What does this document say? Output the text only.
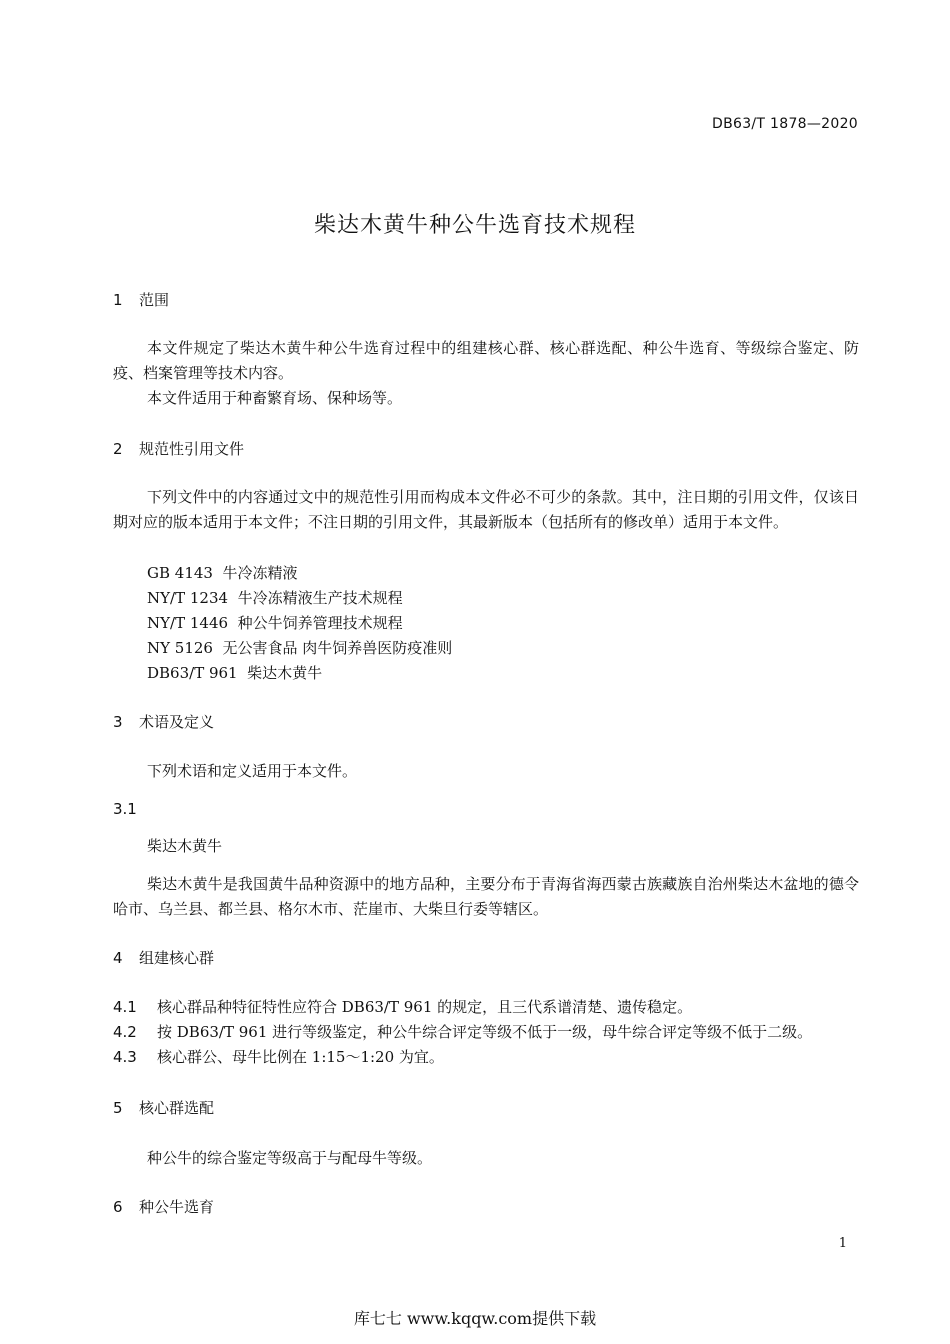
DB63/T 1878—2020
柴达木黄牛种公牛选育技术规程
1 范围
本文件规定了柴达木黄牛种公牛选育过程中的组建核心群、核心群选配、种公牛选育、等级综合鉴定、防疫、档案管理等技术内容。
本文件适用于种畜繁育场、保种场等。
2 规范性引用文件
下列文件中的内容通过文中的规范性引用而构成本文件必不可少的条款。其中，注日期的引用文件，仅该日期对应的版本适用于本文件；不注日期的引用文件，其最新版本（包括所有的修改单）适用于本文件。
GB 4143  牛冷冻精液
NY/T 1234  牛冷冻精液生产技术规程
NY/T 1446  种公牛饲养管理技术规程
NY 5126  无公害食品 肉牛饲养兽医防疫准则
DB63/T 961  柴达木黄牛
3 术语及定义
下列术语和定义适用于本文件。
3.1
柴达木黄牛
柴达木黄牛是我国黄牛品种资源中的地方品种，主要分布于青海省海西蒙古族藏族自治州柴达木盆地的德令哈市、乌兰县、都兰县、格尔木市、茫崖市、大柴旦行委等辖区。
4 组建核心群
4.1 核心群品种特征特性应符合 DB63/T 961 的规定，且三代系谱清楚、遗传稳定。
4.2 按 DB63/T 961 进行等级鉴定，种公牛综合评定等级不低于一级，母牛综合评定等级不低于二级。
4.3 核心群公、母牛比例在 1:15～1:20 为宜。
5 核心群选配
种公牛的综合鉴定等级高于与配母牛等级。
6 种公牛选育
1
库七七 www.kqqw.com提供下载
